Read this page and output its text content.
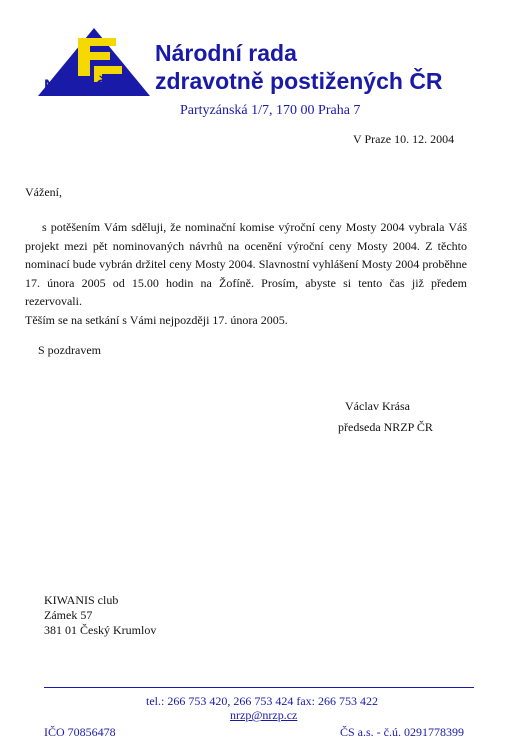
NRZP ČR
Národní rada
zdravotně postižených ČR
Partyzánská 1/7, 170 00 Praha 7
V Praze 10. 12. 2004
Vážení,

s potěšením Vám sděluji, že nominační komise výroční ceny Mosty 2004 vybrala Váš projekt mezi pět nominovaných návrhů na ocenění výroční ceny Mosty 2004. Z těchto nominací bude vybrán držitel ceny Mosty 2004. Slavnostní vyhlášení Mosty 2004 proběhne 17. února 2005 od 15.00 hodin na Žofíně. Prosím, abyste si tento čas již předem rezervovali.

Těším se na setkání s Vámi nejpozději 17. února 2005.

S pozdravem
Václav Krása
předseda NRZP ČR
KIWANIS club
Zámek 57
381 01 Český Krumlov
tel.: 266 753 420, 266 753 424 fax: 266 753 422
nrzp@nrzp.cz
IČO 70856478	ČS a.s. - č.ú. 0291778399
